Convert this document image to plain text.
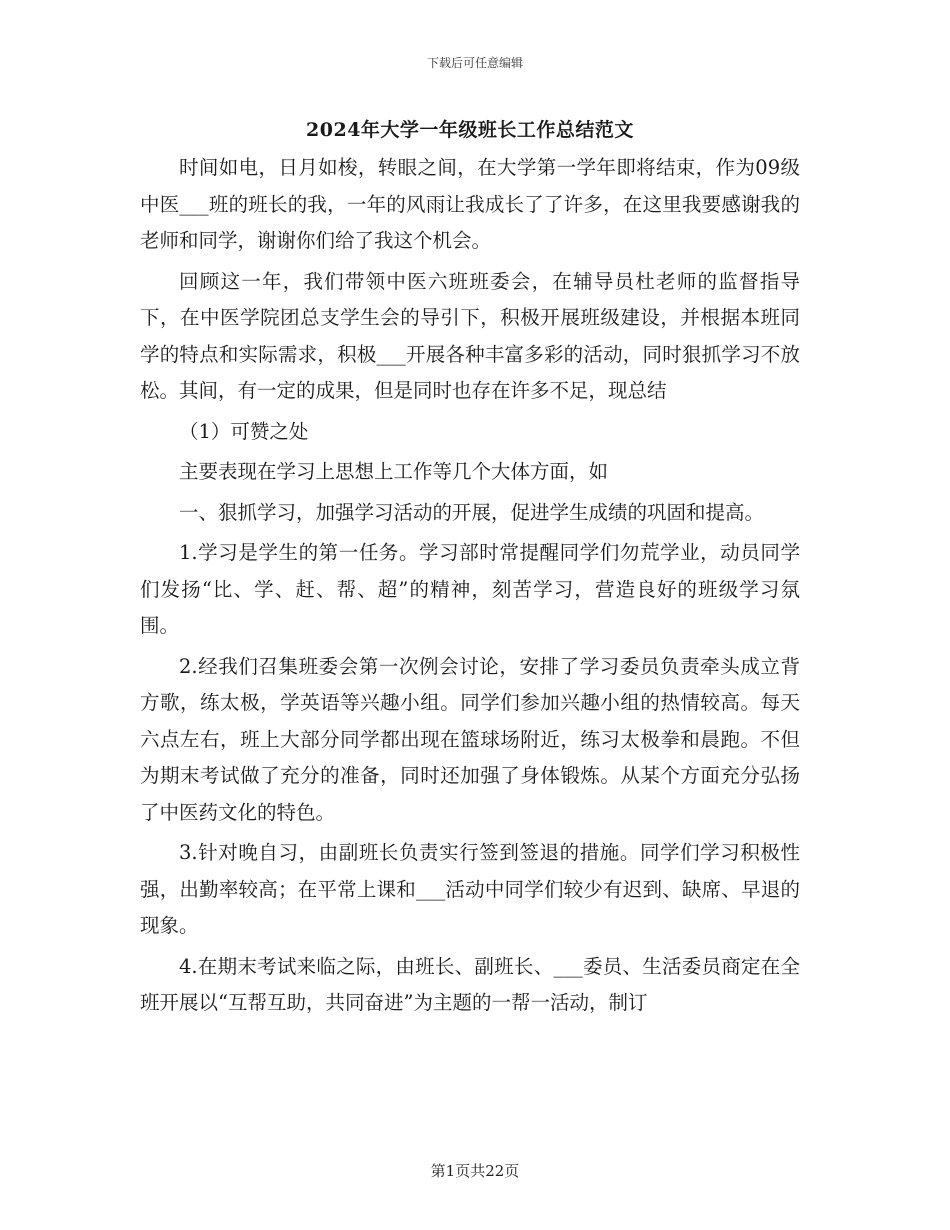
下载后可任意编辑
2024年大学一年级班长工作总结范文

时间如电，日月如梭，转眼之间，在大学第一学年即将结束，作为09级中医___班的班长的我，一年的风雨让我成长了了许多，在这里我要感谢我的老师和同学，谢谢你们给了我这个机会。

回顾这一年，我们带领中医六班班委会，在辅导员杜老师的监督指导下，在中医学院团总支学生会的导引下，积极开展班级建设，并根据本班同学的特点和实际需求，积极___开展各种丰富多彩的活动，同时狠抓学习不放松。其间，有一定的成果，但是同时也存在许多不足，现总结

（1）可赞之处

主要表现在学习上思想上工作等几个大体方面，如

一、狠抓学习，加强学习活动的开展，促进学生成绩的巩固和提高。

1.学习是学生的第一任务。学习部时常提醒同学们勿荒学业，动员同学们发扬“比、学、赶、帮、超”的精神，刻苦学习，营造良好的班级学习氛围。

2.经我们召集班委会第一次例会讨论，安排了学习委员负责牵头成立背方歌，练太极，学英语等兴趣小组。同学们参加兴趣小组的热情较高。每天六点左右，班上大部分同学都出现在篮球场附近，练习太极拳和晨跑。不但为期末考试做了充分的准备，同时还加强了身体锻炼。从某个方面充分弘扬了中医药文化的特色。

3.针对晚自习，由副班长负责实行签到签退的措施。同学们学习积极性强，出勤率较高；在平常上课和___活动中同学们较少有迟到、缺席、早退的现象。

4.在期末考试来临之际，由班长、副班长、___委员、生活委员商定在全班开展以“互帮互助，共同奋进”为主题的一帮一活动，制订

第1页共22页
